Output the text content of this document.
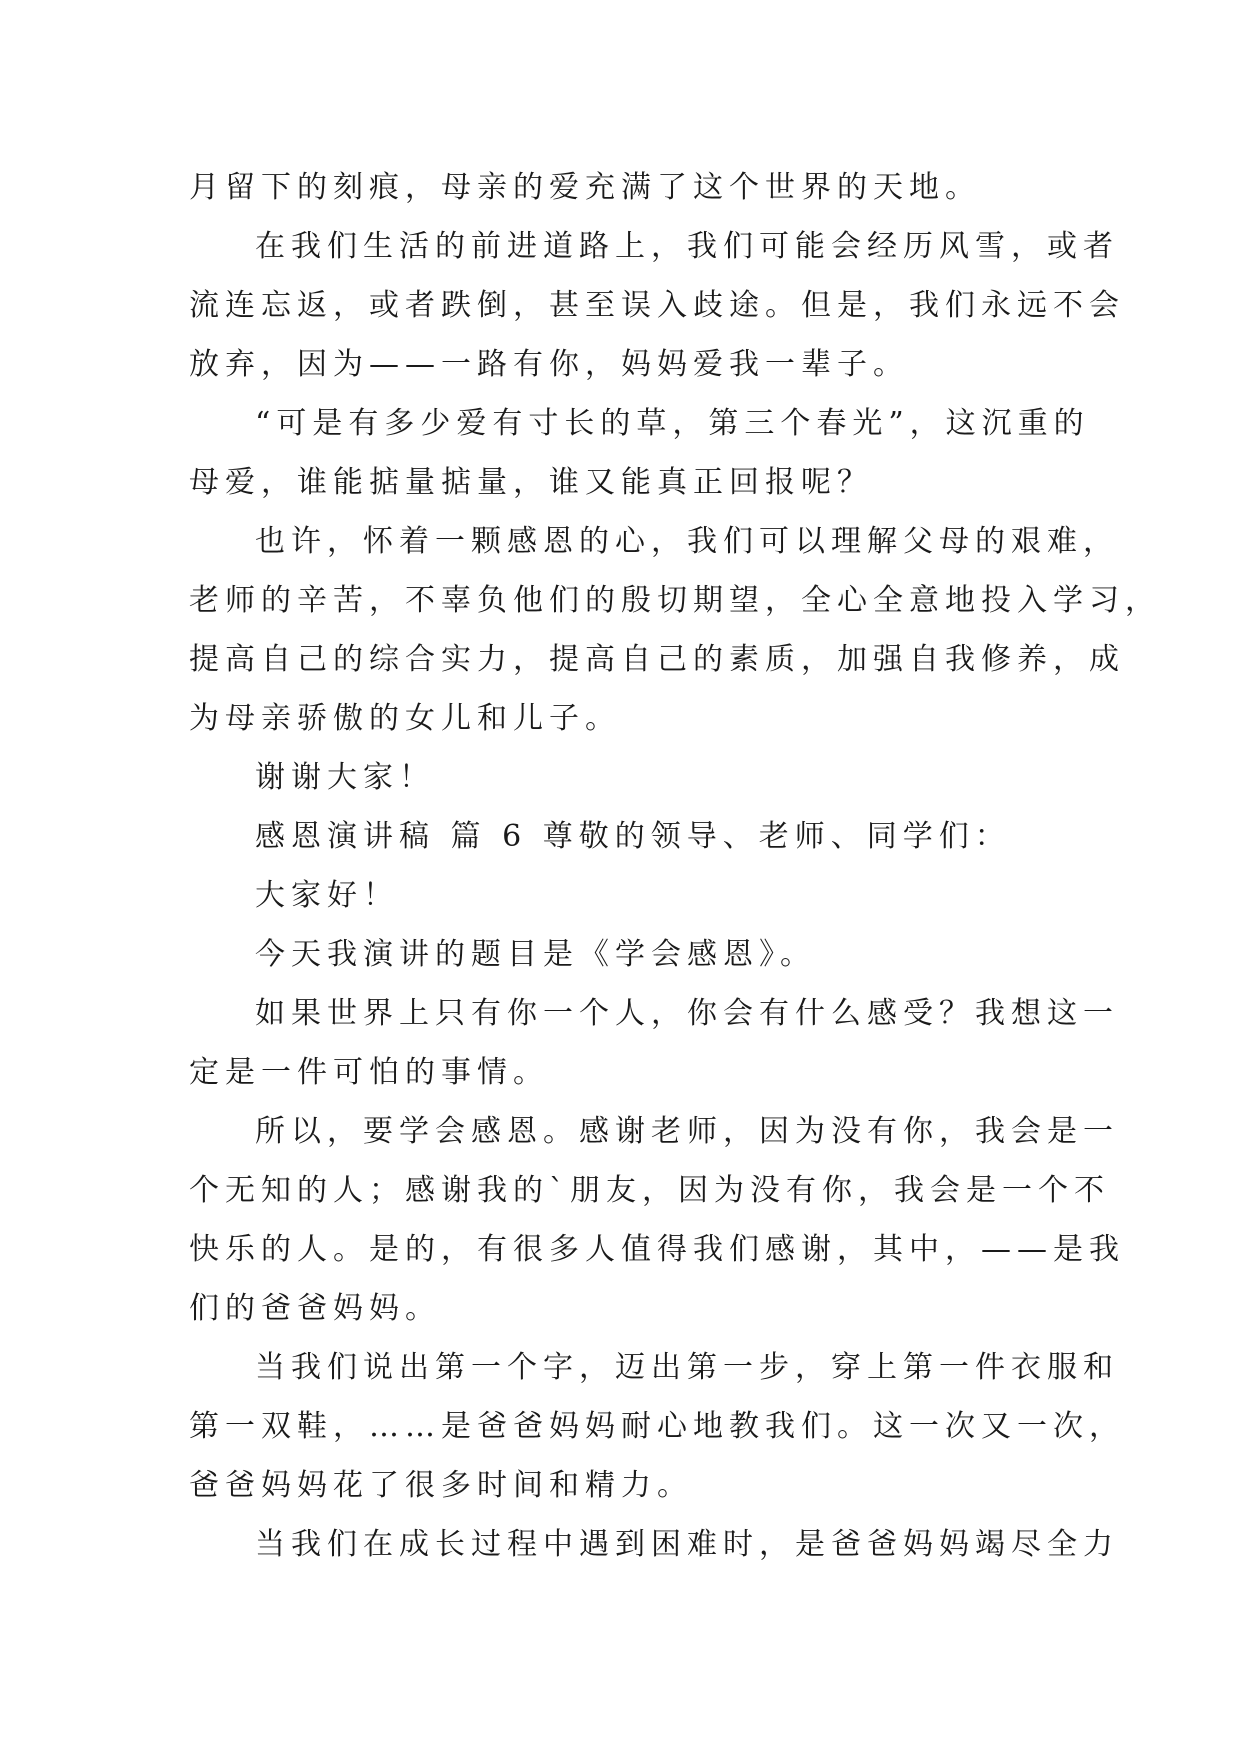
月留下的刻痕，母亲的爱充满了这个世界的天地。
在我们生活的前进道路上，我们可能会经历风雪，或者
流连忘返，或者跌倒，甚至误入歧途。但是，我们永远不会
放弃，因为——一路有你，妈妈爱我一辈子。
“可是有多少爱有寸长的草，第三个春光”，这沉重的
母爱，谁能掂量掂量，谁又能真正回报呢？
也许，怀着一颗感恩的心，我们可以理解父母的艰难，
老师的辛苦，不辜负他们的殷切期望，全心全意地投入学习，
提高自己的综合实力，提高自己的素质，加强自我修养，成
为母亲骄傲的女儿和儿子。
谢谢大家！
感恩演讲稿 篇 6 尊敬的领导、老师、同学们：
大家好！
今天我演讲的题目是《学会感恩》。
如果世界上只有你一个人，你会有什么感受？我想这一
定是一件可怕的事情。
所以，要学会感恩。感谢老师，因为没有你，我会是一
个无知的人；感谢我的`朋友，因为没有你，我会是一个不
快乐的人。是的，有很多人值得我们感谢，其中，——是我
们的爸爸妈妈。
当我们说出第一个字，迈出第一步，穿上第一件衣服和
第一双鞋，……是爸爸妈妈耐心地教我们。这一次又一次，
爸爸妈妈花了很多时间和精力。
当我们在成长过程中遇到困难时，是爸爸妈妈竭尽全力
